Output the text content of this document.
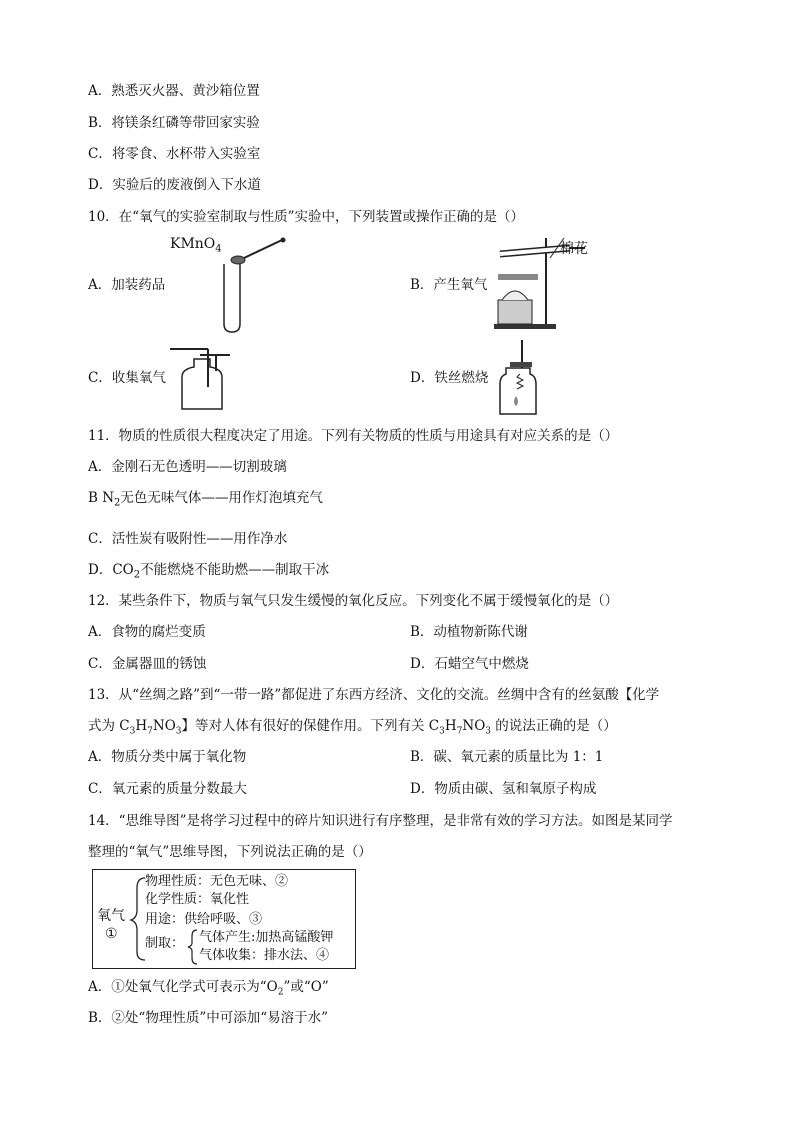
A．熟悉灭火器、黄沙箱位置
B．将镁条红磷等带回家实验
C．将零食、水杯带入实验室
D．实验后的废液倒入下水道
10．在“氧气的实验室制取与性质”实验中，下列装置或操作正确的是（）
KMnO$_4$
A．加装药品	B．产生氧气
棉花
C．收集氧气	D．铁丝燃烧
11．物质的性质很大程度决定了用途。下列有关物质的性质与用途具有对应关系的是（）
A．金刚石无色透明——切割玻璃
B $N_2$无色无味气体——用作灯泡填充气
C．活性炭有吸附性——用作净水
D．$CO_2$不能燃烧不能助燃——制取干冰
12．某些条件下，物质与氧气只发生缓慢的氧化反应。下列变化不属于缓慢氧化的是（）
A．食物的腐烂变质	B．动植物新陈代谢
C．金属器皿的锈蚀	D．石蜡空气中燃烧
13．从“丝绸之路”到“一带一路”都促进了东西方经济、文化的交流。丝绸中含有的丝氨酸【化学
式为 $C_3H_7NO_3$】等对人体有很好的保健作用。下列有关 $C_3H_7NO_3$ 的说法正确的是（）
A．物质分类中属于氧化物	B．碳、氧元素的质量比为 1：1
C．氧元素的质量分数最大	D．物质由碳、氢和氧原子构成
14．“思维导图”是将学习过程中的碎片知识进行有序整理，是非常有效的学习方法。如图是某同学
整理的“氧气”思维导图，下列说法正确的是（）
氧气
①
物理性质：无色无味、②
化学性质：氧化性
用途：供给呼吸、③
制取： 气体产生:加热高锰酸钾
气体收集：排水法、④
A．①处氧气化学式可表示为“$O_2$”或“O”
B．②处“物理性质”中可添加“易溶于水”
